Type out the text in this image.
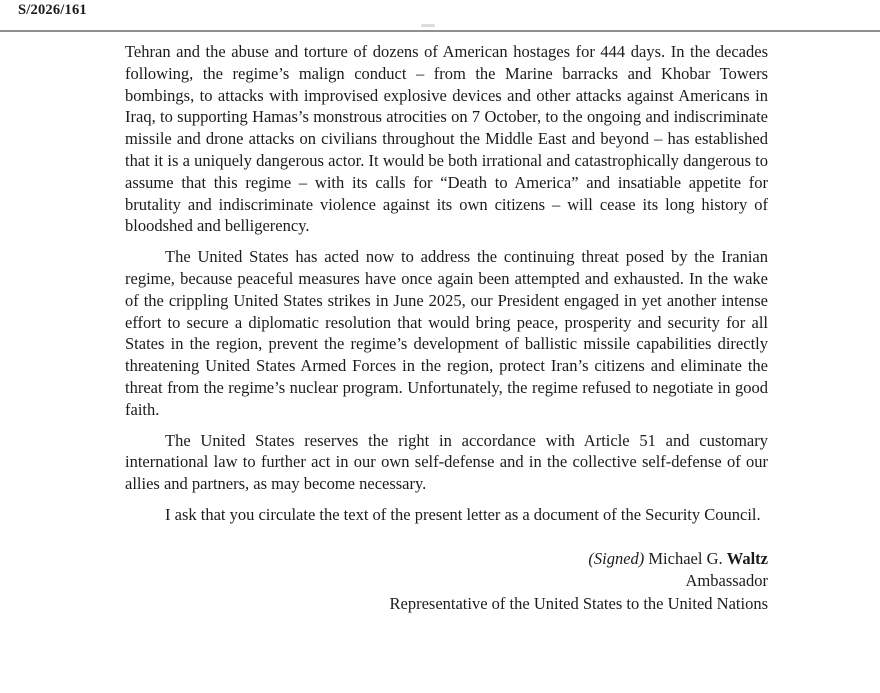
S/2026/161

Tehran and the abuse and torture of dozens of American hostages for 444 days. In the decades following, the regime’s malign conduct – from the Marine barracks and Khobar Towers bombings, to attacks with improvised explosive devices and other attacks against Americans in Iraq, to supporting Hamas’s monstrous atrocities on 7 October, to the ongoing and indiscriminate missile and drone attacks on civilians throughout the Middle East and beyond – has established that it is a uniquely dangerous actor. It would be both irrational and catastrophically dangerous to assume that this regime – with its calls for “Death to America” and insatiable appetite for brutality and indiscriminate violence against its own citizens – will cease its long history of bloodshed and belligerency.

The United States has acted now to address the continuing threat posed by the Iranian regime, because peaceful measures have once again been attempted and exhausted. In the wake of the crippling United States strikes in June 2025, our President engaged in yet another intense effort to secure a diplomatic resolution that would bring peace, prosperity and security for all States in the region, prevent the regime’s development of ballistic missile capabilities directly threatening United States Armed Forces in the region, protect Iran’s citizens and eliminate the threat from the regime’s nuclear program. Unfortunately, the regime refused to negotiate in good faith.

The United States reserves the right in accordance with Article 51 and customary international law to further act in our own self-defense and in the collective self-defense of our allies and partners, as may become necessary.

I ask that you circulate the text of the present letter as a document of the Security Council.

(Signed) Michael G. Waltz
Ambassador
Representative of the United States to the United Nations
